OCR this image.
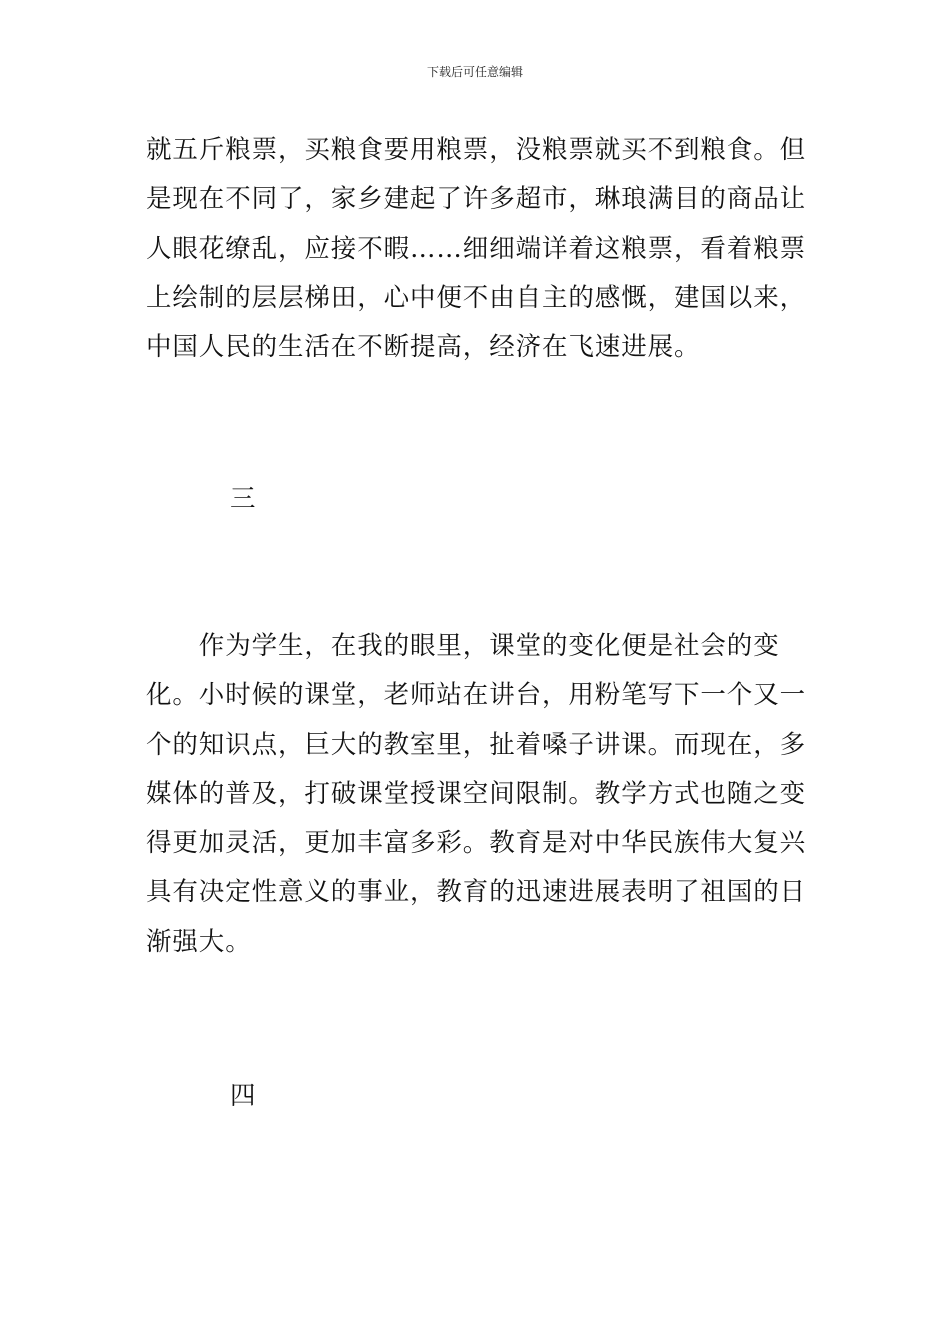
下载后可任意编辑
就五斤粮票，买粮食要用粮票，没粮票就买不到粮食。但
是现在不同了，家乡建起了许多超市，琳琅满目的商品让
人眼花缭乱，应接不暇……细细端详着这粮票，看着粮票
上绘制的层层梯田，心中便不由自主的感慨，建国以来，
中国人民的生活在不断提高，经济在飞速进展。
三
　　作为学生，在我的眼里，课堂的变化便是社会的变
化。小时候的课堂，老师站在讲台，用粉笔写下一个又一
个的知识点，巨大的教室里，扯着嗓子讲课。而现在，多
媒体的普及，打破课堂授课空间限制。教学方式也随之变
得更加灵活，更加丰富多彩。教育是对中华民族伟大复兴
具有决定性意义的事业，教育的迅速进展表明了祖国的日
渐强大。
四
